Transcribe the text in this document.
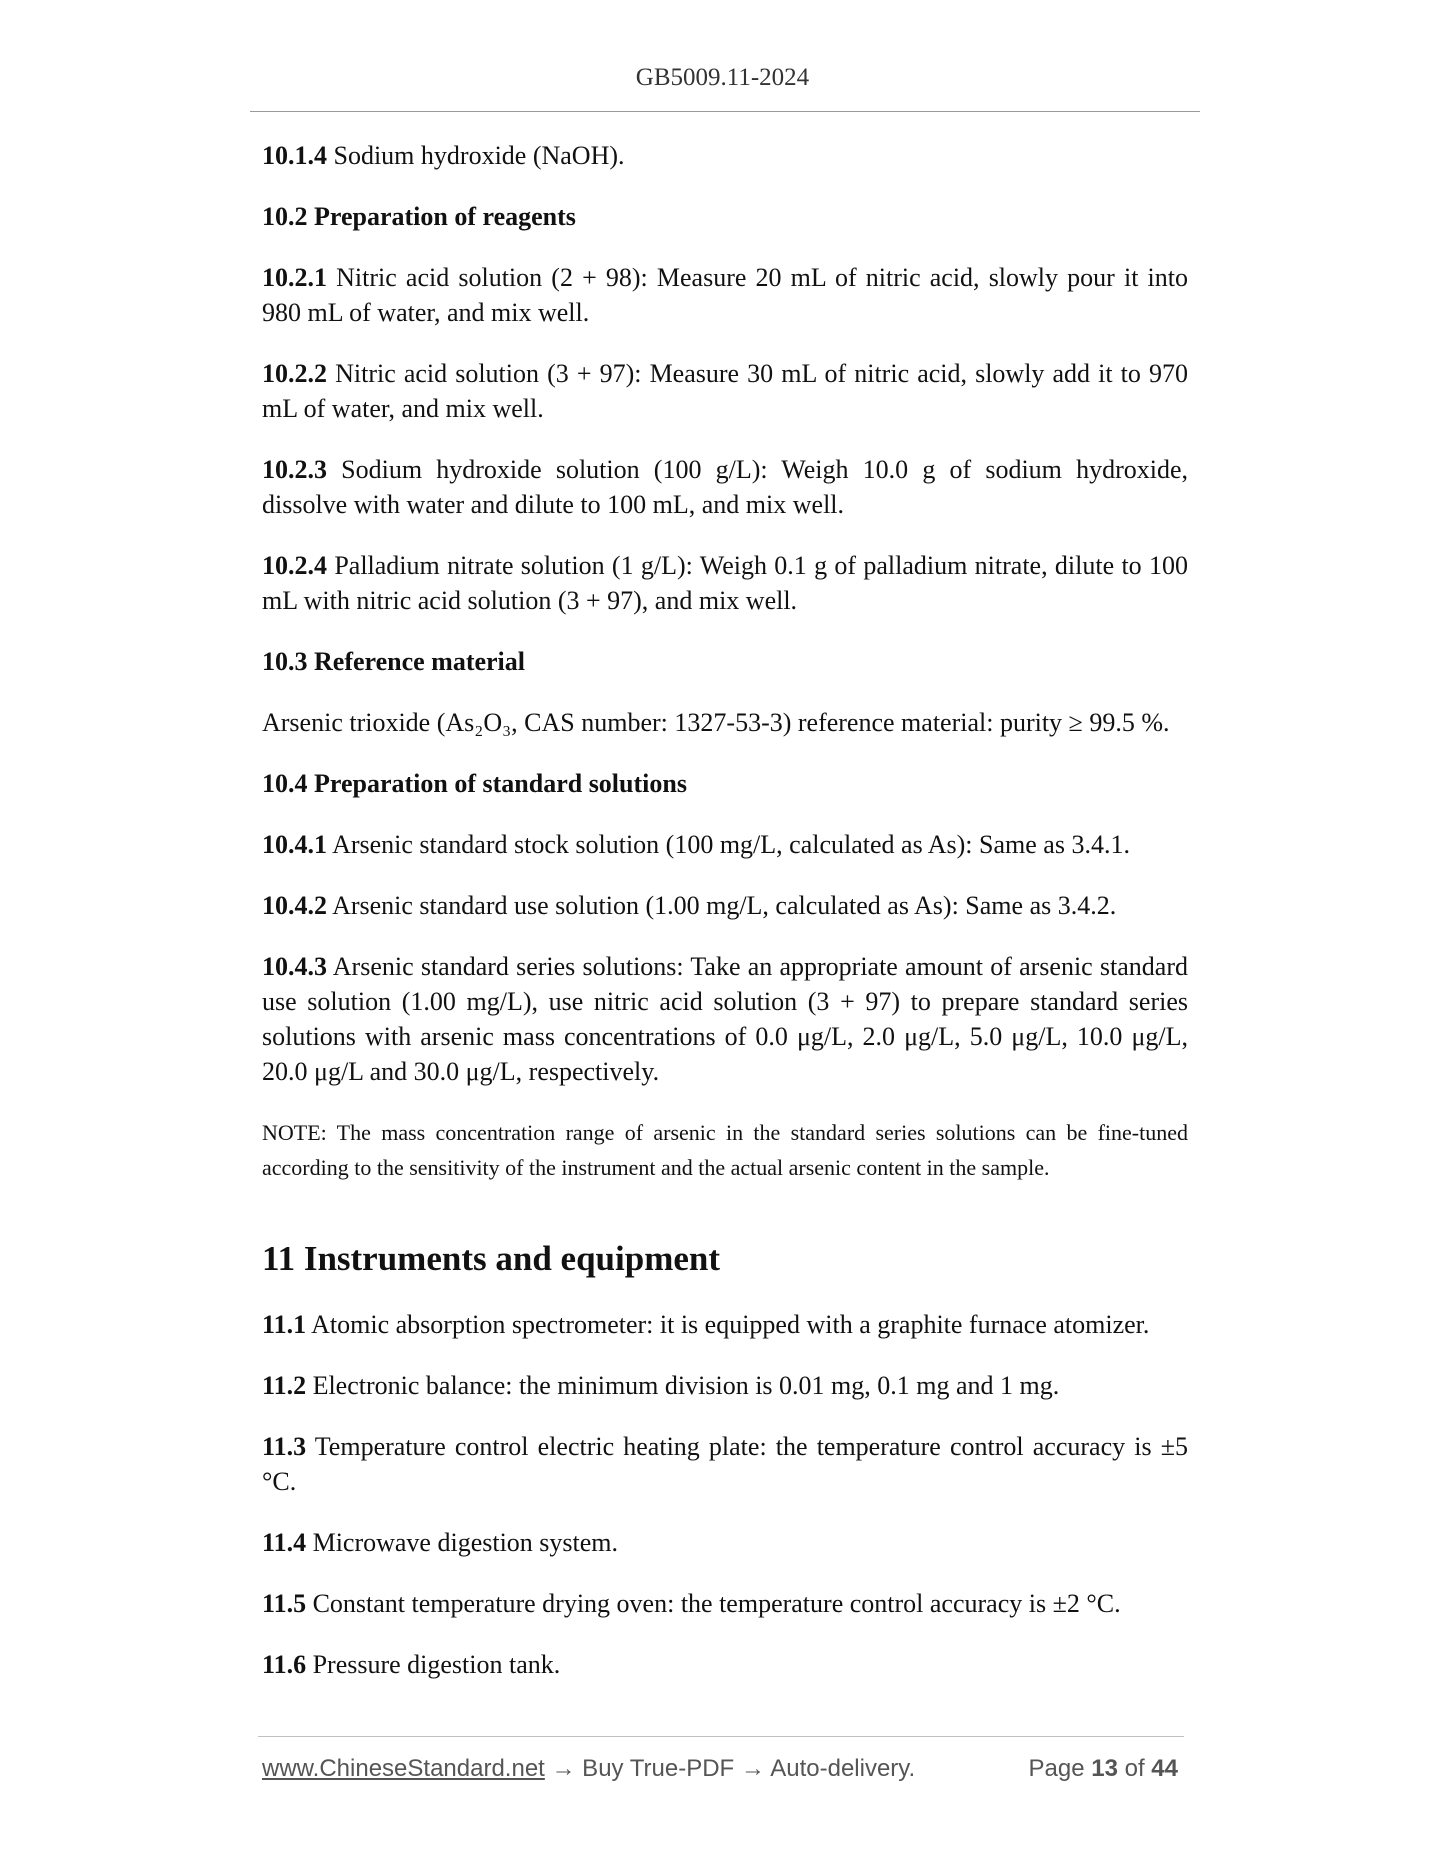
GB5009.11-2024

10.1.4 Sodium hydroxide (NaOH).

10.2 Preparation of reagents

10.2.1 Nitric acid solution (2 + 98): Measure 20 mL of nitric acid, slowly pour it into 980 mL of water, and mix well.

10.2.2 Nitric acid solution (3 + 97): Measure 30 mL of nitric acid, slowly add it to 970 mL of water, and mix well.

10.2.3 Sodium hydroxide solution (100 g/L): Weigh 10.0 g of sodium hydroxide, dissolve with water and dilute to 100 mL, and mix well.

10.2.4 Palladium nitrate solution (1 g/L): Weigh 0.1 g of palladium nitrate, dilute to 100 mL with nitric acid solution (3 + 97), and mix well.

10.3 Reference material

Arsenic trioxide (As₂O₃, CAS number: 1327-53-3) reference material: purity ≥ 99.5 %.

10.4 Preparation of standard solutions

10.4.1 Arsenic standard stock solution (100 mg/L, calculated as As): Same as 3.4.1.

10.4.2 Arsenic standard use solution (1.00 mg/L, calculated as As): Same as 3.4.2.

10.4.3 Arsenic standard series solutions: Take an appropriate amount of arsenic standard use solution (1.00 mg/L), use nitric acid solution (3 + 97) to prepare standard series solutions with arsenic mass concentrations of 0.0 μg/L, 2.0 μg/L, 5.0 μg/L, 10.0 μg/L, 20.0 μg/L and 30.0 μg/L, respectively.

NOTE: The mass concentration range of arsenic in the standard series solutions can be fine-tuned according to the sensitivity of the instrument and the actual arsenic content in the sample.

11 Instruments and equipment

11.1 Atomic absorption spectrometer: it is equipped with a graphite furnace atomizer.

11.2 Electronic balance: the minimum division is 0.01 mg, 0.1 mg and 1 mg.

11.3 Temperature control electric heating plate: the temperature control accuracy is ±5 °C.

11.4 Microwave digestion system.

11.5 Constant temperature drying oven: the temperature control accuracy is ±2 °C.

11.6 Pressure digestion tank.

www.ChineseStandard.net → Buy True-PDF → Auto-delivery.	Page 13 of 44
